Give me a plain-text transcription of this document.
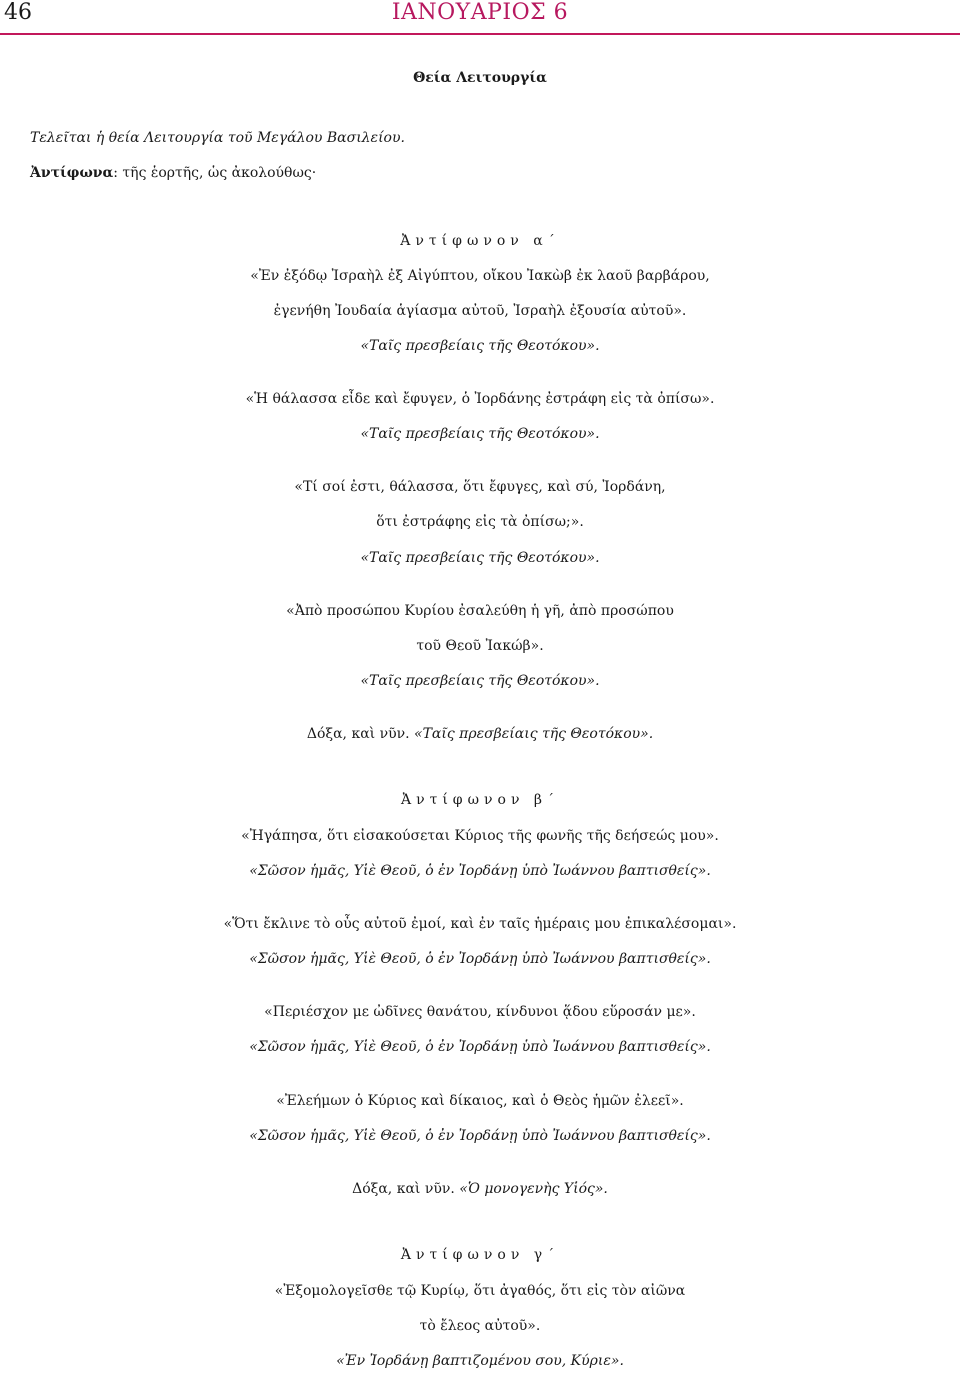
46	ΙΑΝΟΥΑΡΙΟΣ 6
Θεία Λειτουργία
Τελεῖται ἡ θεία Λειτουργία τοῦ Μεγάλου Βασιλείου.
Ἀντίφωνα: τῆς ἑορτῆς, ὡς ἀκολούθως·
Ἀντίφωνον α΄
«Ἐν ἐξόδῳ Ἰσραὴλ ἐξ Αἰγύπτου, οἴκου Ἰακὼβ ἐκ λαοῦ βαρβάρου,
ἐγενήθη Ἰουδαία ἁγίασμα αὐτοῦ, Ἰσραὴλ ἐξουσία αὐτοῦ».
«Ταῖς πρεσβείαις τῆς Θεοτόκου».
«Ἡ θάλασσα εἶδε καὶ ἔφυγεν, ὁ Ἰορδάνης ἐστράφη εἰς τὰ ὀπίσω».
«Ταῖς πρεσβείαις τῆς Θεοτόκου».
«Τί σοί ἐστι, θάλασσα, ὅτι ἔφυγες, καὶ σύ, Ἰορδάνη,
ὅτι ἐστράφης εἰς τὰ ὀπίσω;».
«Ταῖς πρεσβείαις τῆς Θεοτόκου».
«Ἀπὸ προσώπου Κυρίου ἐσαλεύθη ἡ γῆ, ἀπὸ προσώπου
τοῦ Θεοῦ Ἰακώβ».
«Ταῖς πρεσβείαις τῆς Θεοτόκου».
Δόξα, καὶ νῦν. «Ταῖς πρεσβείαις τῆς Θεοτόκου».
Ἀντίφωνον β΄
«Ἠγάπησα, ὅτι εἰσακούσεται Κύριος τῆς φωνῆς τῆς δεήσεώς μου».
«Σῶσον ἡμᾶς, Υἱὲ Θεοῦ, ὁ ἐν Ἰορδάνῃ ὑπὸ Ἰωάννου βαπτισθείς».
«Ὅτι ἔκλινε τὸ οὖς αὐτοῦ ἐμοί, καὶ ἐν ταῖς ἡμέραις μου ἐπικαλέσομαι».
«Σῶσον ἡμᾶς, Υἱὲ Θεοῦ, ὁ ἐν Ἰορδάνῃ ὑπὸ Ἰωάννου βαπτισθείς».
«Περιέσχον με ὠδῖνες θανάτου, κίνδυνοι ᾅδου εὕροσάν με».
«Σῶσον ἡμᾶς, Υἱὲ Θεοῦ, ὁ ἐν Ἰορδάνῃ ὑπὸ Ἰωάννου βαπτισθείς».
«Ἐλεήμων ὁ Κύριος καὶ δίκαιος, καὶ ὁ Θεὸς ἡμῶν ἐλεεῖ».
«Σῶσον ἡμᾶς, Υἱὲ Θεοῦ, ὁ ἐν Ἰορδάνῃ ὑπὸ Ἰωάννου βαπτισθείς».
Δόξα, καὶ νῦν. «Ὁ μονογενὴς Υἱός».
Ἀντίφωνον γ΄
«Ἐξομολογεῖσθε τῷ Κυρίῳ, ὅτι ἀγαθός, ὅτι εἰς τὸν αἰῶνα
τὸ ἔλεος αὐτοῦ».
«Ἐν Ἰορδάνῃ βαπτιζομένου σου, Κύριε».
